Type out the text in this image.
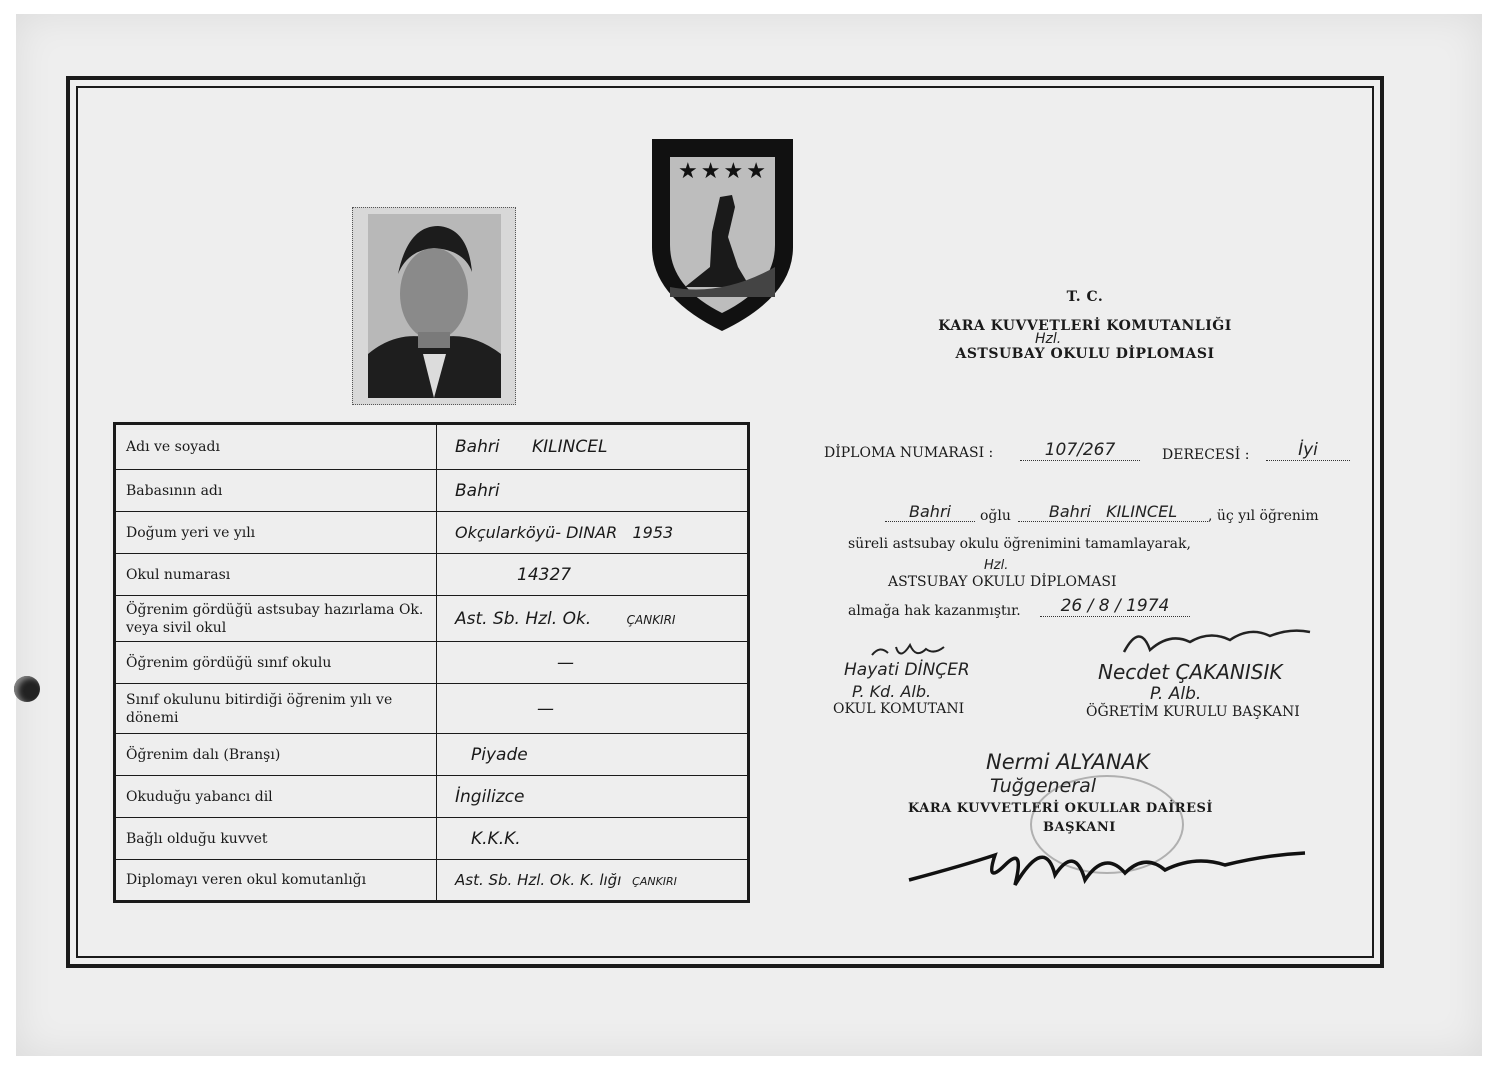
★★★★
T. C.
KARA KUVVETLERİ KOMUTANLIĞI
Hzl.
ASTSUBAY OKULU DİPLOMASI
Adı ve soyadı	Bahri      KILINCEL
Babasının adı	Bahri
Doğum yeri ve yılı	Okçularköyü- DINAR   1953
Okul numarası	14327
Öğrenim gördüğü astsubay hazırlama Ok. veya sivil okul	Ast. Sb. Hzl. Ok. ÇANKIRI
Öğrenim gördüğü sınıf okulu	—
Sınıf okulunu bitirdiği öğrenim yılı ve dönemi	—
Öğrenim dalı (Branşı)	Piyade
Okuduğu yabancı dil	İngilizce
Bağlı olduğu kuvvet	K.K.K.
Diplomayı veren okul komutanlığı	Ast. Sb. Hzl. Ok. K. lığı ÇANKIRI
DİPLOMA NUMARASI :	107/267	DERECESİ :	İyi
Bahri	oğlu	Bahri   KILINCEL	, üç yıl öğrenim
süreli astsubay okulu öğrenimini tamamlayarak,
Hzl.
ASTSUBAY OKULU DİPLOMASI
almağa hak kazanmıştır.	26 / 8 / 1974
Hayati DİNÇER
P. Kd. Alb.
OKUL KOMUTANI
Necdet ÇAKANISIK
P. Alb.
ÖĞRETİM KURULU BAŞKANI
Nermi ALYANAK
Tuğgeneral
KARA KUVVETLERİ OKULLAR DAİRESİ
BAŞKANI
